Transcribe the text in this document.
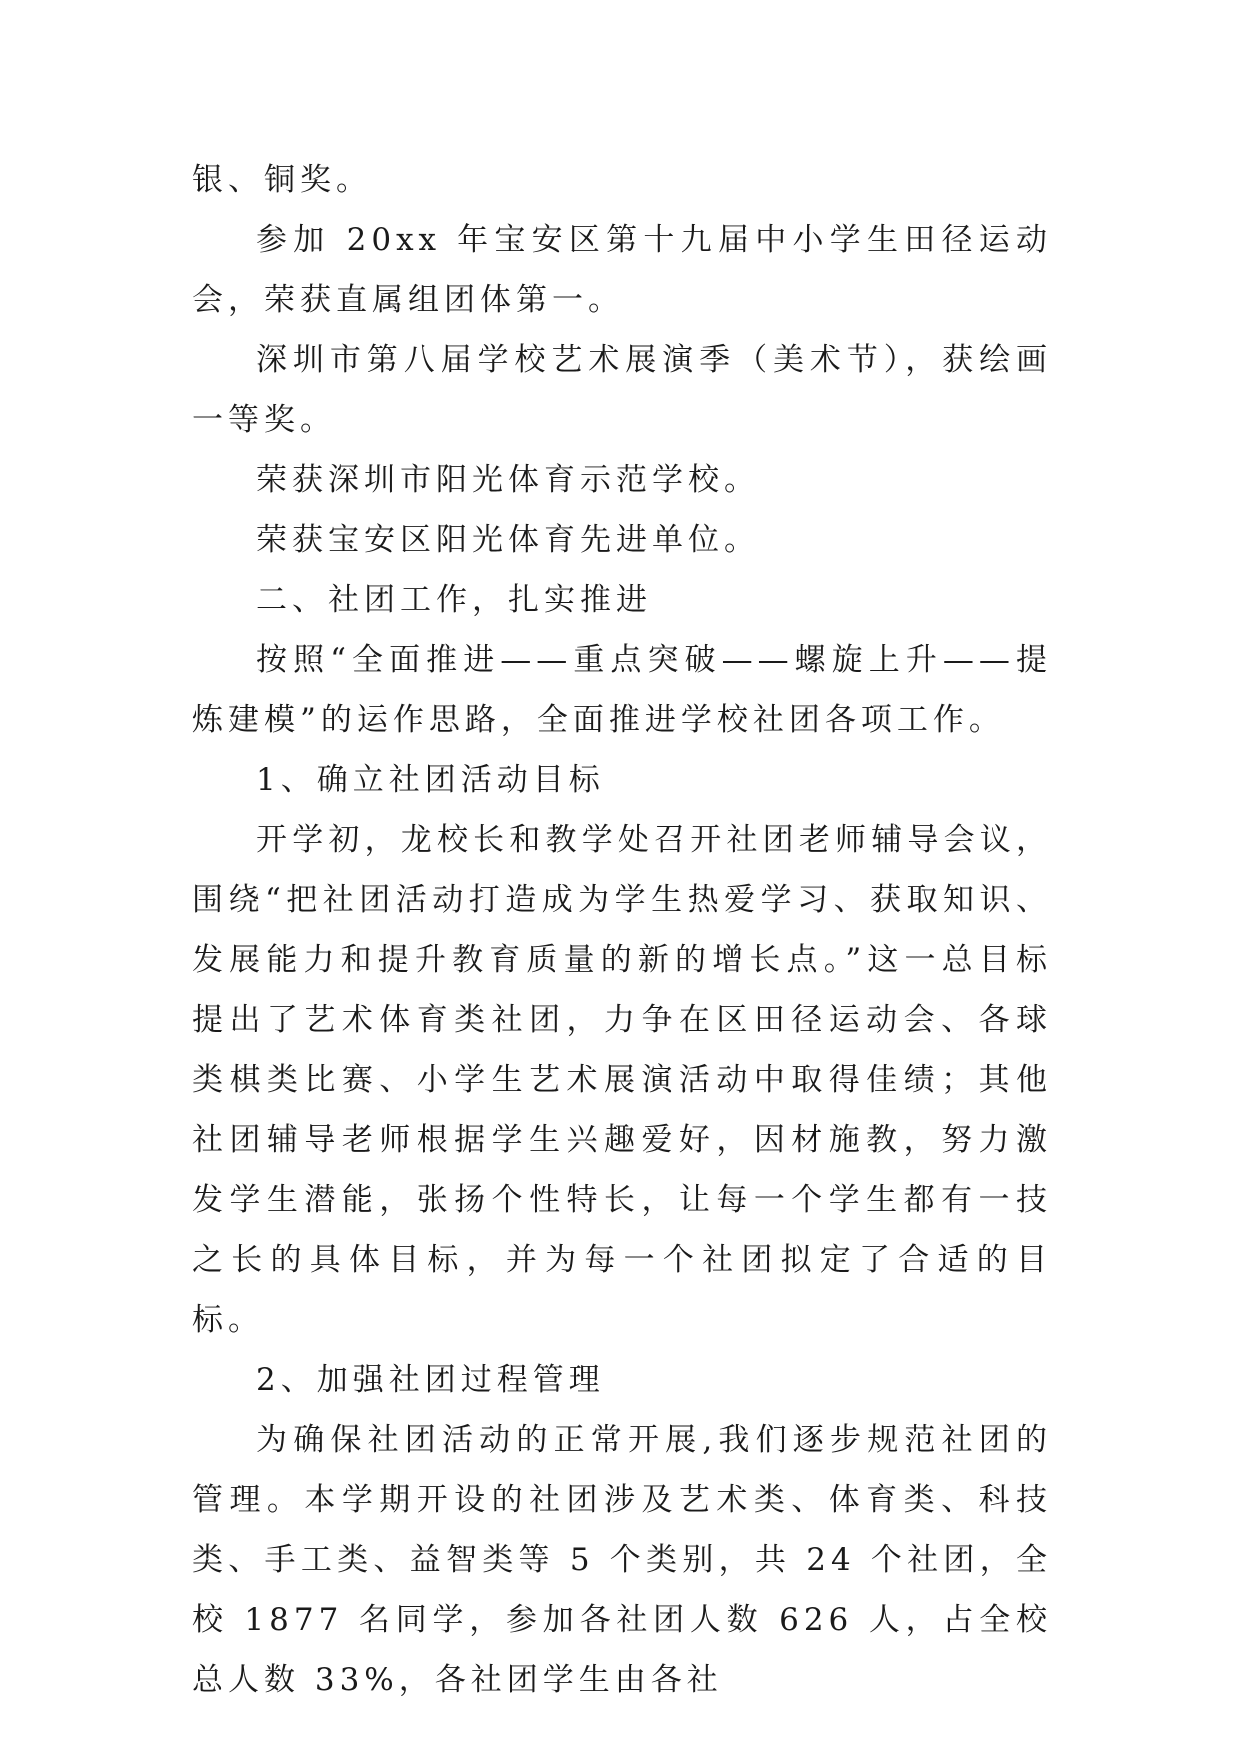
银、铜奖。

参加 20xx 年宝安区第十九届中小学生田径运动会，荣获直属组团体第一。

深圳市第八届学校艺术展演季（美术节），获绘画一等奖。

荣获深圳市阳光体育示范学校。

荣获宝安区阳光体育先进单位。

二、社团工作，扎实推进

按照“全面推进——重点突破——螺旋上升——提炼建模”的运作思路，全面推进学校社团各项工作。

1、确立社团活动目标

开学初，龙校长和教学处召开社团老师辅导会议，围绕“把社团活动打造成为学生热爱学习、获取知识、发展能力和提升教育质量的新的增长点。”这一总目标提出了艺术体育类社团，力争在区田径运动会、各球类棋类比赛、小学生艺术展演活动中取得佳绩；其他社团辅导老师根据学生兴趣爱好，因材施教，努力激发学生潜能，张扬个性特长，让每一个学生都有一技之长的具体目标，并为每一个社团拟定了合适的目标。

2、加强社团过程管理

为确保社团活动的正常开展,我们逐步规范社团的管理。本学期开设的社团涉及艺术类、体育类、科技类、手工类、益智类等 5 个类别，共 24 个社团，全校 1877 名同学，参加各社团人数 626 人，占全校总人数 33%，各社团学生由各社
